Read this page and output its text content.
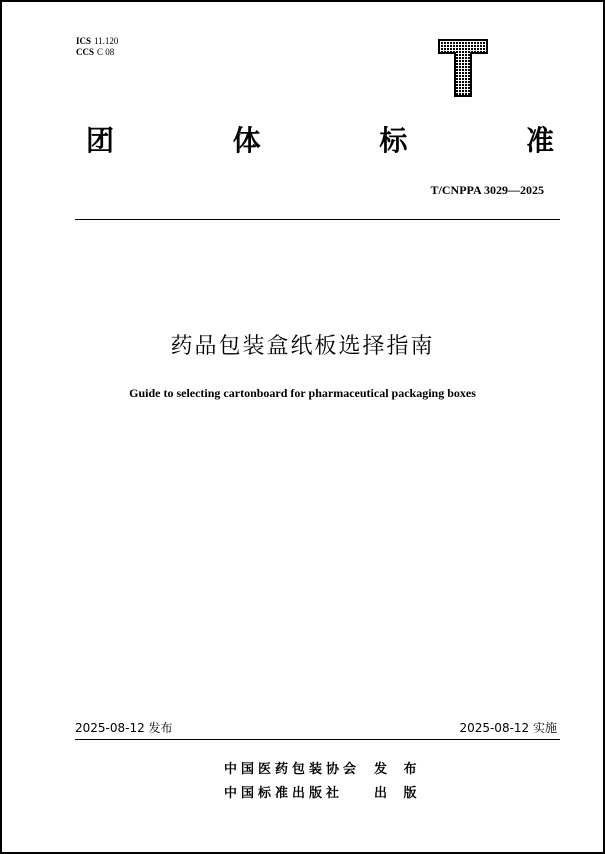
ICS 11.120
CCS C 08
团	体	标	准
T/CNPPA 3029—2025
药品包装盒纸板选择指南
Guide to selecting cartonboard for pharmaceutical packaging boxes
2025-08-12 发布	2025-08-12 实施
中国医药包装协会	发 布
中国标准出版社	出 版
